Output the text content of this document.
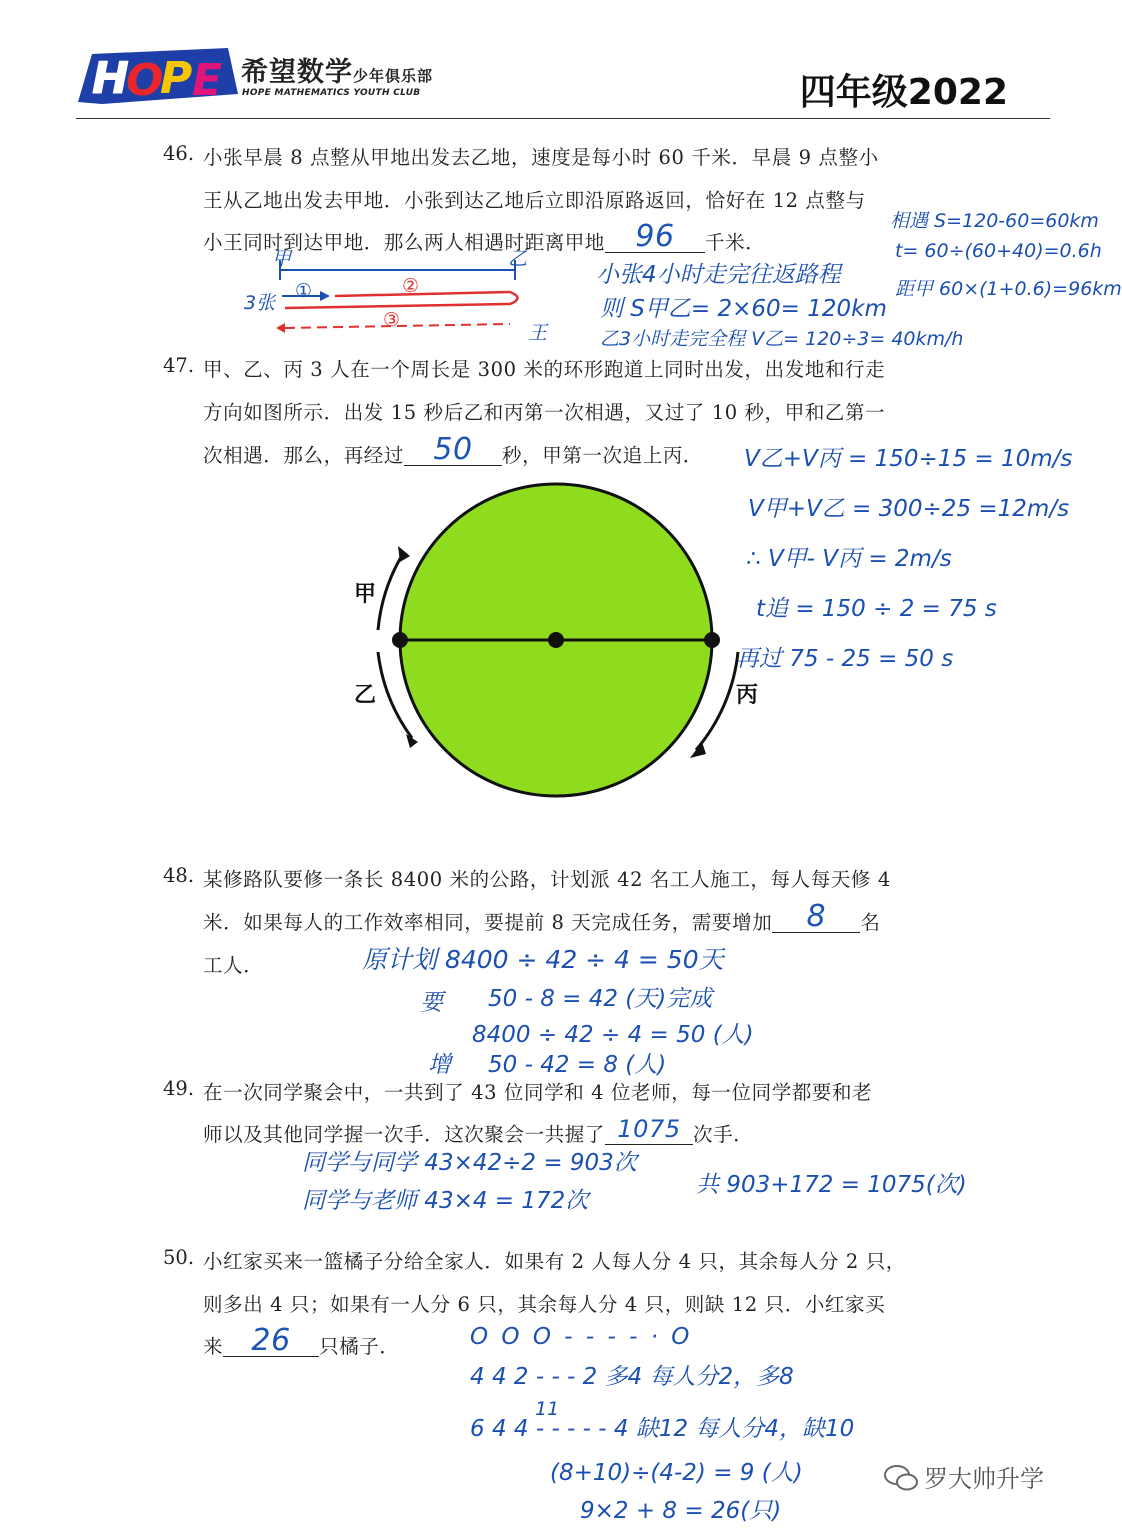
H
O
P E 希望数学少年俱乐部
HOPE MATHEMATICS YOUTH CLUB	四年级2022
46. 小张早晨 8 点整从甲地出发去乙地，速度是每小时 60 千米．早晨 9 点整小
王从乙地出发去甲地．小张到达乙地后立即沿原路返回，恰好在 12 点整与
小王同时到达甲地．那么两人相遇时距离甲地	96	千米．
甲	乙
3张
王
①	②
③
相遇 S=120-60=60km
t= 60÷(60+40)=0.6h
距甲 60×(1+0.6)=96km
小张4小时走完往返路程
则 S甲乙= 2×60= 120km
乙3小时走完全程 V乙= 120÷3= 40km/h
47. 甲、乙、丙 3 人在一个周长是 300 米的环形跑道上同时出发，出发地和行走
方向如图所示．出发 15 秒后乙和丙第一次相遇，又过了 10 秒，甲和乙第一
次相遇．那么，再经过 50	秒，甲第一次追上丙．
甲
乙	丙
V乙+V丙 = 150÷15 = 10m/s
V甲+V乙 = 300÷25 =12m/s
∴ V甲- V丙 = 2m/s
t追 = 150 ÷ 2 = 75 s
再过 75 - 25 = 50 s
48. 某修路队要修一条长 8400 米的公路，计划派 42 名工人施工，每人每天修 4
米．如果每人的工作效率相同，要提前 8 天完成任务，需要增加	8	名
工人．	原计划 8400 ÷ 42 ÷ 4 = 50天
要 50 - 8 = 42 (天)完成
8400 ÷ 42 ÷ 4 = 50 (人)
增 50 - 42 = 8 (人)
49. 在一次同学聚会中，一共到了 43 位同学和 4 位老师，每一位同学都要和老
师以及其他同学握一次手．这次聚会一共握了 1075 次手．
同学与同学 43×42÷2 = 903次
同学与老师 43×4 = 172次
共 903+172 = 1075(次)
50. 小红家买来一篮橘子分给全家人．如果有 2 人每人分 4 只，其余每人分 2 只，
则多出 4 只；如果有一人分 6 只，其余每人分 4 只，则缺 12 只．小红家买
来 26	只橘子．	O O O - - - - · O
4 4 2 - - - 2 多4 每人分2，多8
11
6 4 4 - - - - - 4 缺12 每人分4，缺10
(8+10)÷(4-2) = 9 (人)
9×2 + 8 = 26(只)
罗大帅升学
